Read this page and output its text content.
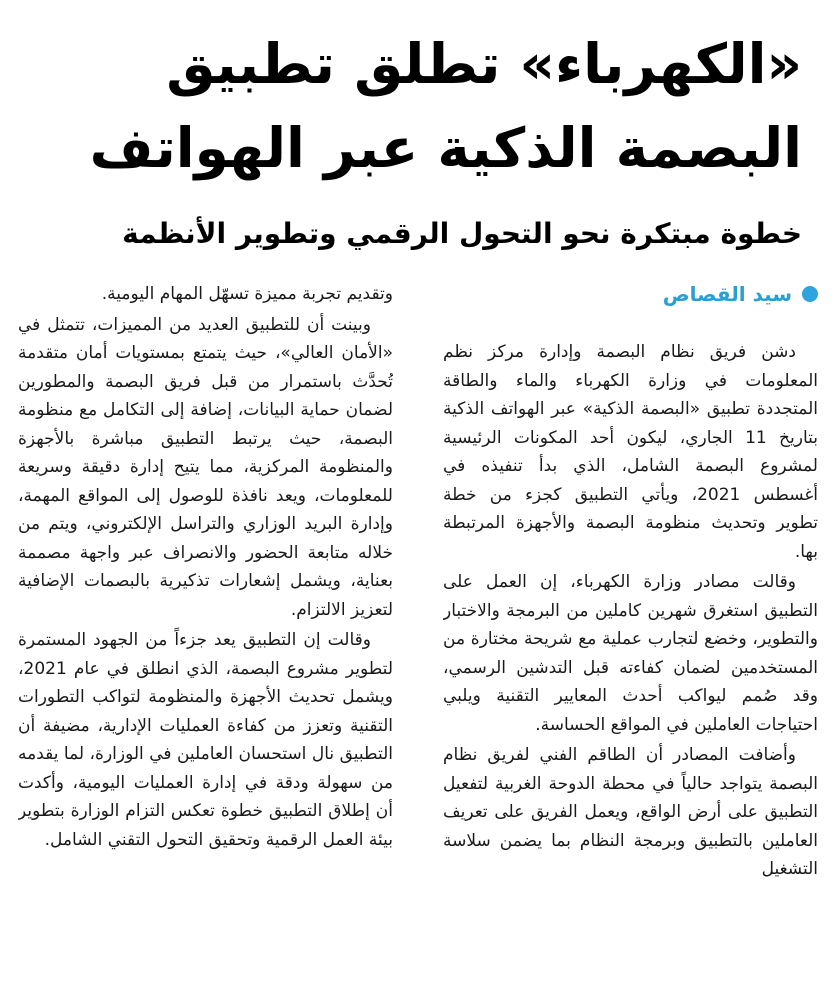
«الكهرباء» تطلق تطبيق
البصمة الذكية عبر الهواتف
خطوة مبتكرة نحو التحول الرقمي وتطوير الأنظمة
سيد القصاص

دشن فريق نظام البصمة وإدارة مركز نظم المعلومات في وزارة الكهرباء والماء والطاقة المتجددة تطبيق «البصمة الذكية» عبر الهواتف الذكية بتاريخ 11 الجاري، ليكون أحد المكونات الرئيسية لمشروع البصمة الشامل، الذي بدأ تنفيذه في أغسطس 2021، ويأتي التطبيق كجزء من خطة تطوير وتحديث منظومة البصمة والأجهزة المرتبطة بها.

وقالت مصادر وزارة الكهرباء، إن العمل على التطبيق استغرق شهرين كاملين من البرمجة والاختبار والتطوير، وخضع لتجارب عملية مع شريحة مختارة من المستخدمين لضمان كفاءته قبل التدشين الرسمي، وقد صُمم ليواكب أحدث المعايير التقنية ويلبي احتياجات العاملين في المواقع الحساسة.

وأضافت المصادر أن الطاقم الفني لفريق نظام البصمة يتواجد حالياً في محطة الدوحة الغربية لتفعيل التطبيق على أرض الواقع، ويعمل الفريق على تعريف العاملين بالتطبيق وبرمجة النظام بما يضمن سلاسة التشغيل

وتقديم تجربة مميزة تسهّل المهام اليومية.

وبينت أن للتطبيق العديد من المميزات، تتمثل في «الأمان العالي»، حيث يتمتع بمستويات أمان متقدمة تُحدَّث باستمرار من قبل فريق البصمة والمطورين لضمان حماية البيانات، إضافة إلى التكامل مع منظومة البصمة، حيث يرتبط التطبيق مباشرة بالأجهزة والمنظومة المركزية، مما يتيح إدارة دقيقة وسريعة للمعلومات، ويعد نافذة للوصول إلى المواقع المهمة، وإدارة البريد الوزاري والتراسل الإلكتروني، ويتم من خلاله متابعة الحضور والانصراف عبر واجهة مصممة بعناية، ويشمل إشعارات تذكيرية بالبصمات الإضافية لتعزيز الالتزام.

وقالت إن التطبيق يعد جزءاً من الجهود المستمرة لتطوير مشروع البصمة، الذي انطلق في عام 2021، ويشمل تحديث الأجهزة والمنظومة لتواكب التطورات التقنية وتعزز من كفاءة العمليات الإدارية، مضيفة أن التطبيق نال استحسان العاملين في الوزارة، لما يقدمه من سهولة ودقة في إدارة العمليات اليومية، وأكدت أن إطلاق التطبيق خطوة تعكس التزام الوزارة بتطوير بيئة العمل الرقمية وتحقيق التحول التقني الشامل.
